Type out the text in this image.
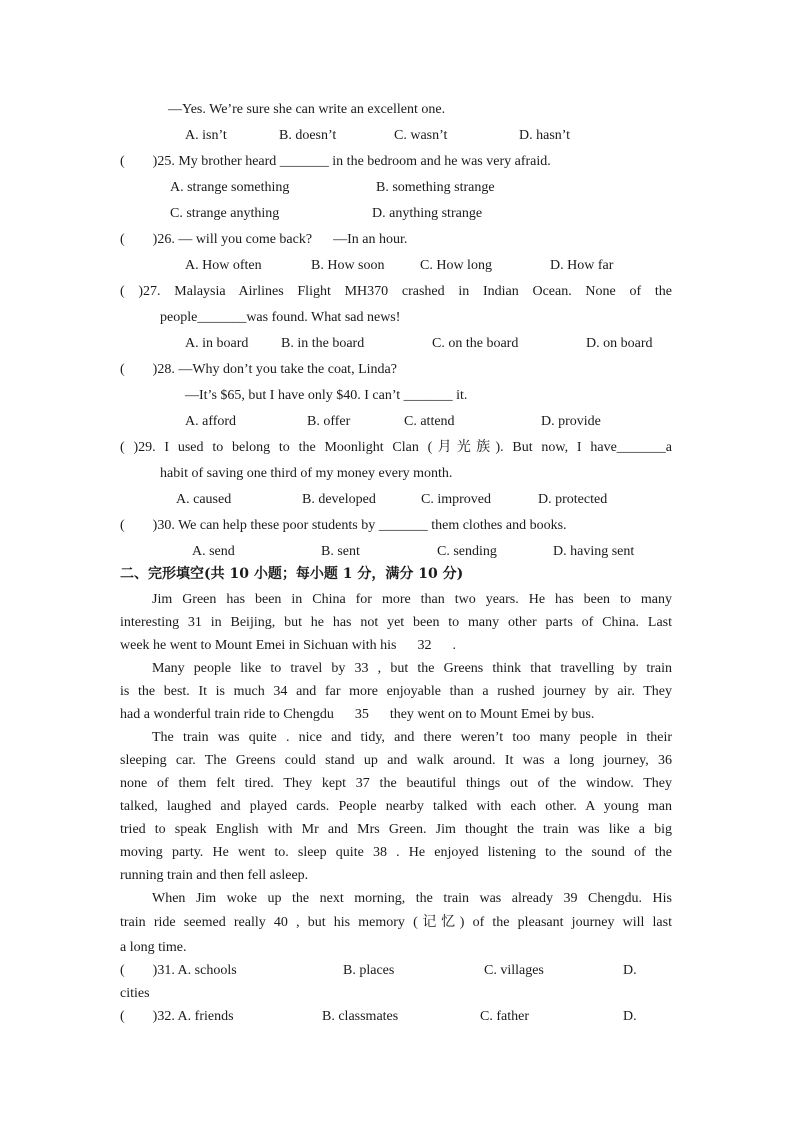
—Yes. We’re sure she can write an excellent one.
A. isn’t	B. doesn’t	C. wasn’t	D. hasn’t
(        )25. My brother heard _______ in the bedroom and he was very afraid.
A. strange something	B. something strange
C. strange anything	D. anything strange
(        )26. — will you come back?      —In an hour.
A. How often	B. How soon	C. How long	D. How far
( )27. Malaysia Airlines Flight MH370 crashed in Indian Ocean. None of the
people_______was found. What sad news!
A. in board B. in the board	C. on the board	D. on board
(        )28. —Why don’t you take the coat, Linda?
—It’s $65, but I have only $40. I can’t _______ it.
A. afford	B. offer	C. attend	D. provide
( )29. I used to belong to the Moonlight Clan (月光族). But now, I have_______a
habit of saving one third of my money every month.
A. caused	B. developed	C. improved	D. protected
(        )30. We can help these poor students by _______ them clothes and books.
A. send	B. sent	C. sending	D. having sent
二、完形填空(共 10 小题；每小题 1 分，满分 10 分)
Jim Green has been in China for more than two years. He has been to many
interesting 31 in Beijing, but he has not yet been to many other parts of China. Last
week he went to Mount Emei in Sichuan with his      32      .
Many people like to travel by 33 , but the Greens think that travelling by train
is the best. It is much 34 and far more enjoyable than a rushed journey by air. They
had a wonderful train ride to Chengdu      35      they went on to Mount Emei by bus.
The train was quite . nice and tidy, and there weren’t too many people in their
sleeping car. The Greens could stand up and walk around. It was a long journey, 36
none of them felt tired. They kept 37 the beautiful things out of the window. They
talked, laughed and played cards. People nearby talked with each other. A young man
tried to speak English with Mr and Mrs Green. Jim thought the train was like a big
moving party. He went to. sleep quite 38 . He enjoyed listening to the sound of the
running train and then fell asleep.
When Jim woke up the next morning, the train was already 39 Chengdu. His
train ride seemed really 40 , but his memory (记忆) of the pleasant journey will last
a long time.
(        )31. A. schools	B. places	C. villages	D.
cities
(        )32. A. friends	B. classmates	C. father	D.
